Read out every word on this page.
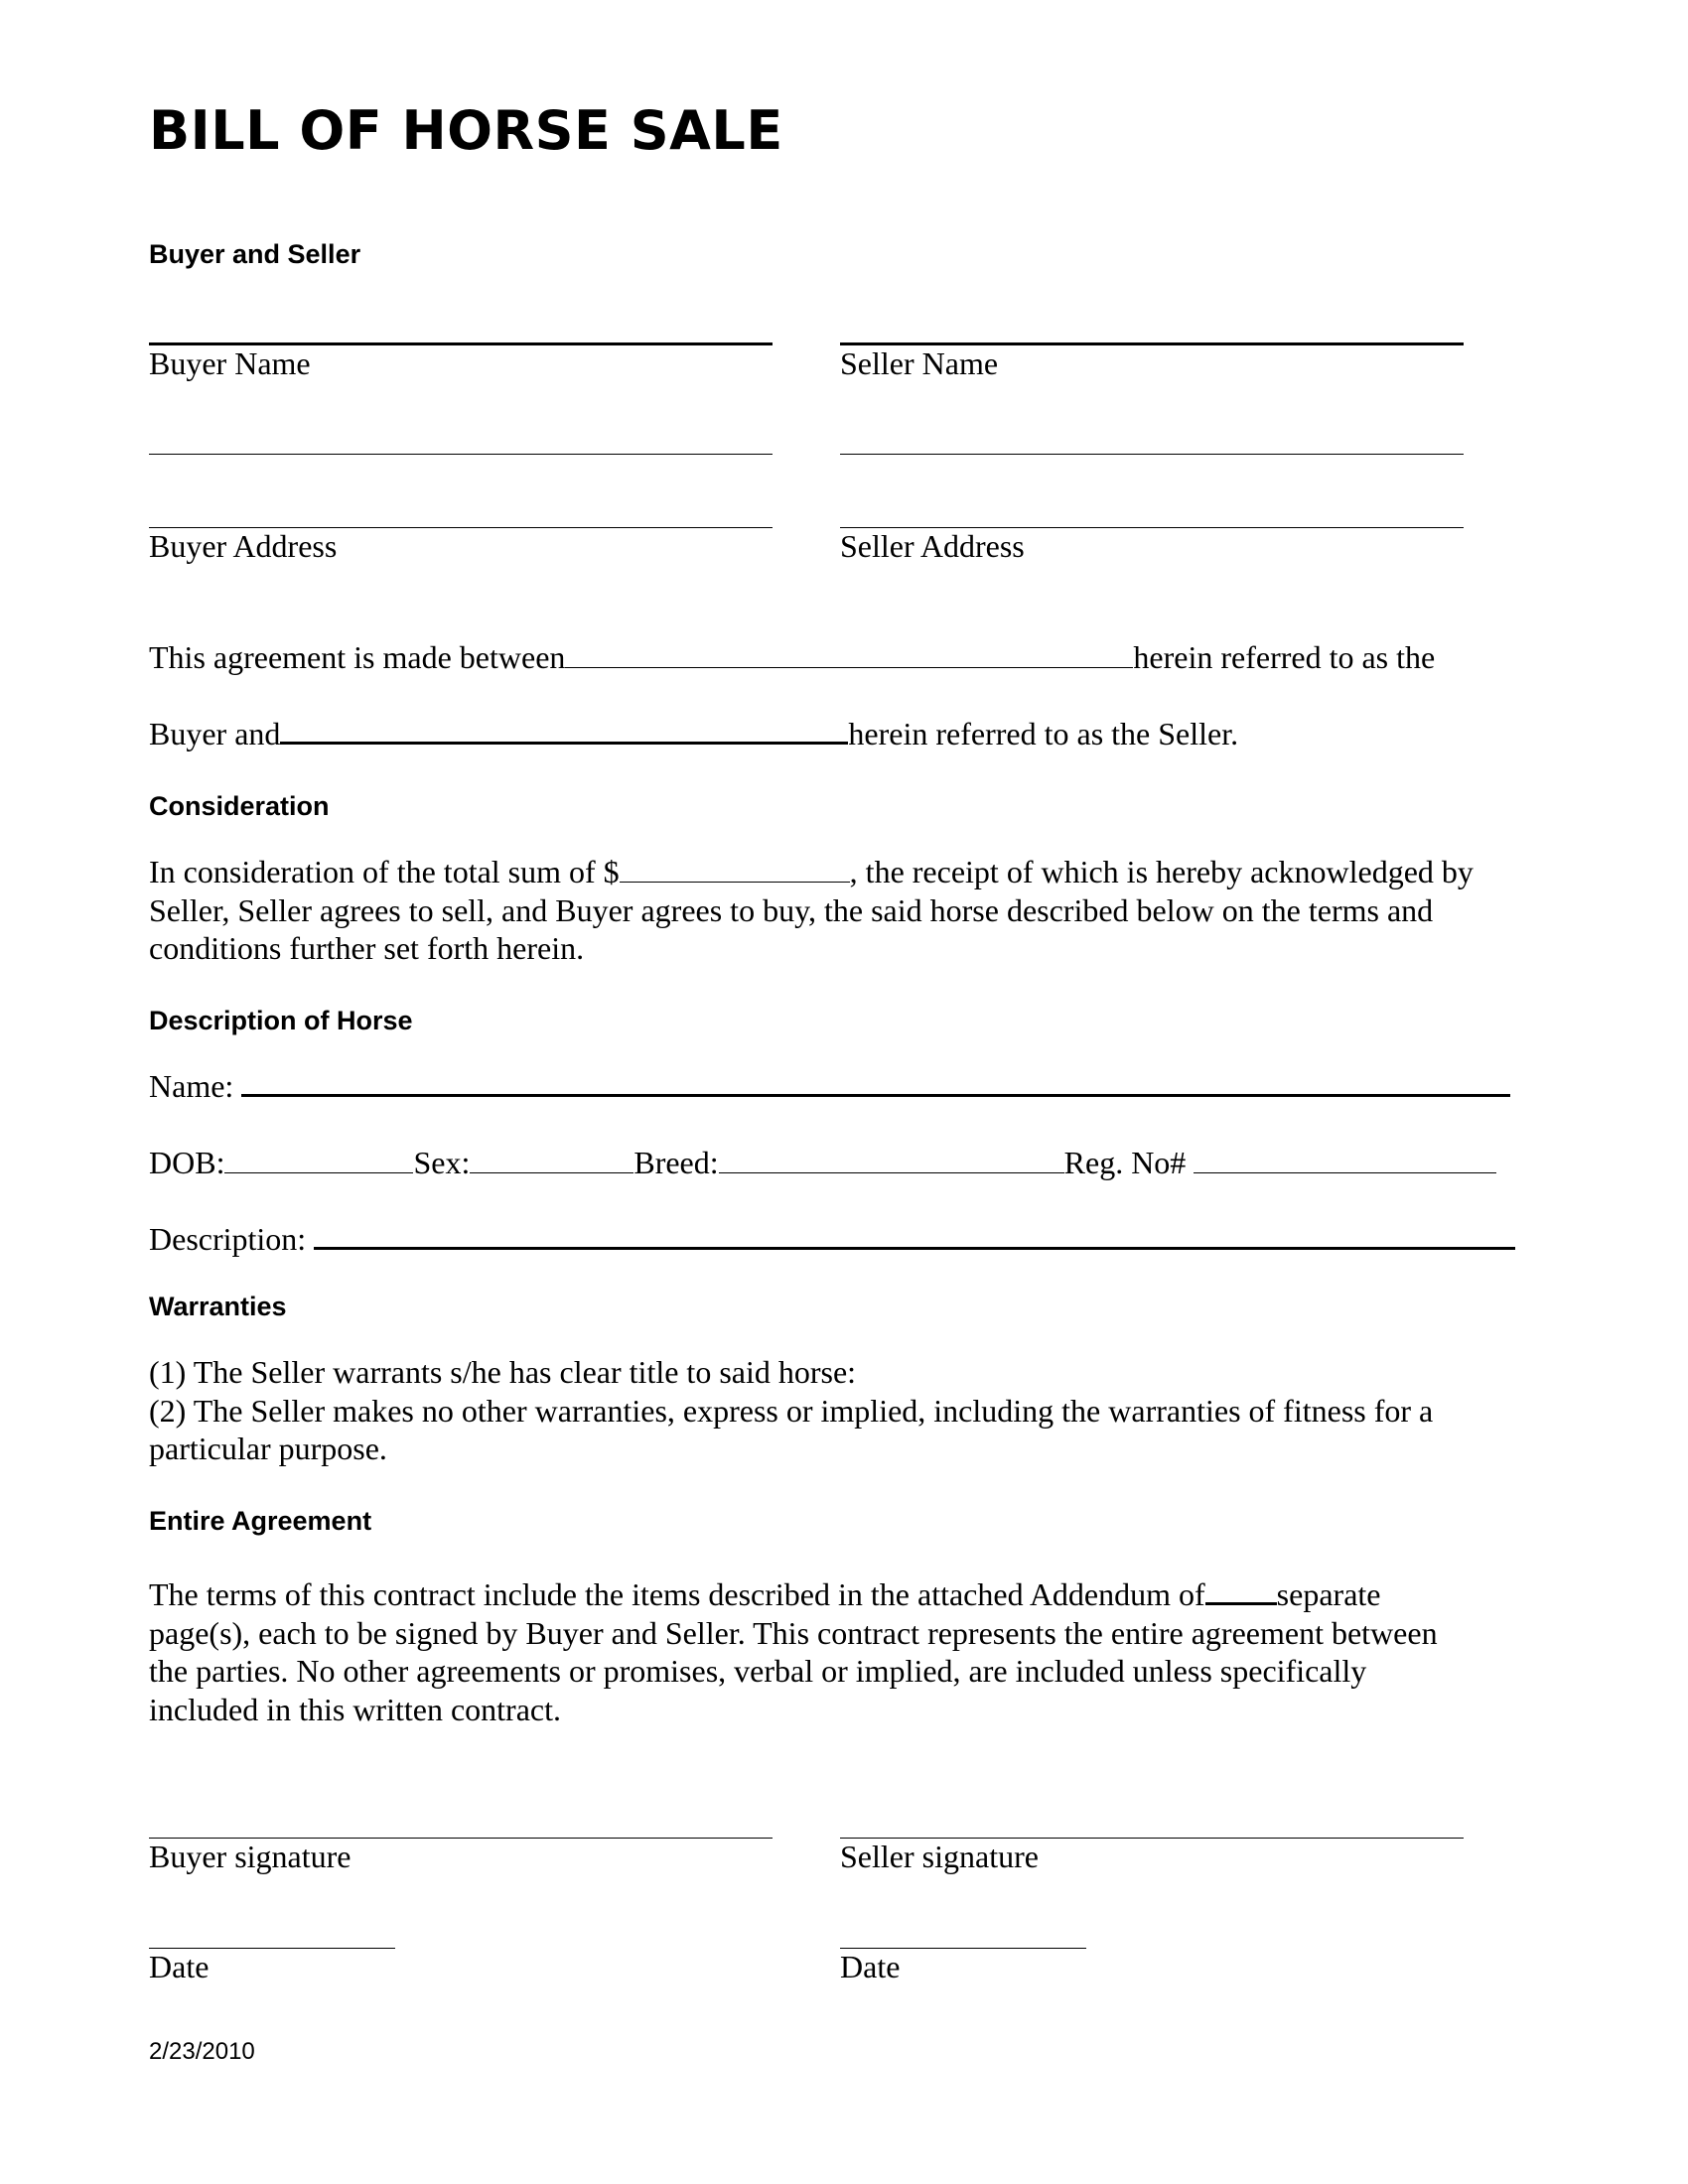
BILL OF HORSE SALE
Buyer and Seller
Buyer Name	Seller Name
Buyer Address	Seller Address
This agreement is made between	herein referred to as the
Buyer and	herein referred to as the Seller.
Consideration
In consideration of the total sum of $	, the receipt of which is hereby acknowledged by
Seller, Seller agrees to sell, and Buyer agrees to buy, the said horse described below on the terms and
conditions further set forth herein.
Description of Horse
Name:
DOB:	Sex:	Breed:	Reg. No#
Description:
Warranties
(1) The Seller warrants s/he has clear title to said horse:
(2) The Seller makes no other warranties, express or implied, including the warranties of fitness for a
particular purpose.
Entire Agreement
The terms of this contract include the items described in the attached Addendum of separate
page(s), each to be signed by Buyer and Seller. This contract represents the entire agreement between
the parties. No other agreements or promises, verbal or implied, are included unless specifically
included in this written contract.
Buyer signature	Seller signature
Date	Date
2/23/2010
